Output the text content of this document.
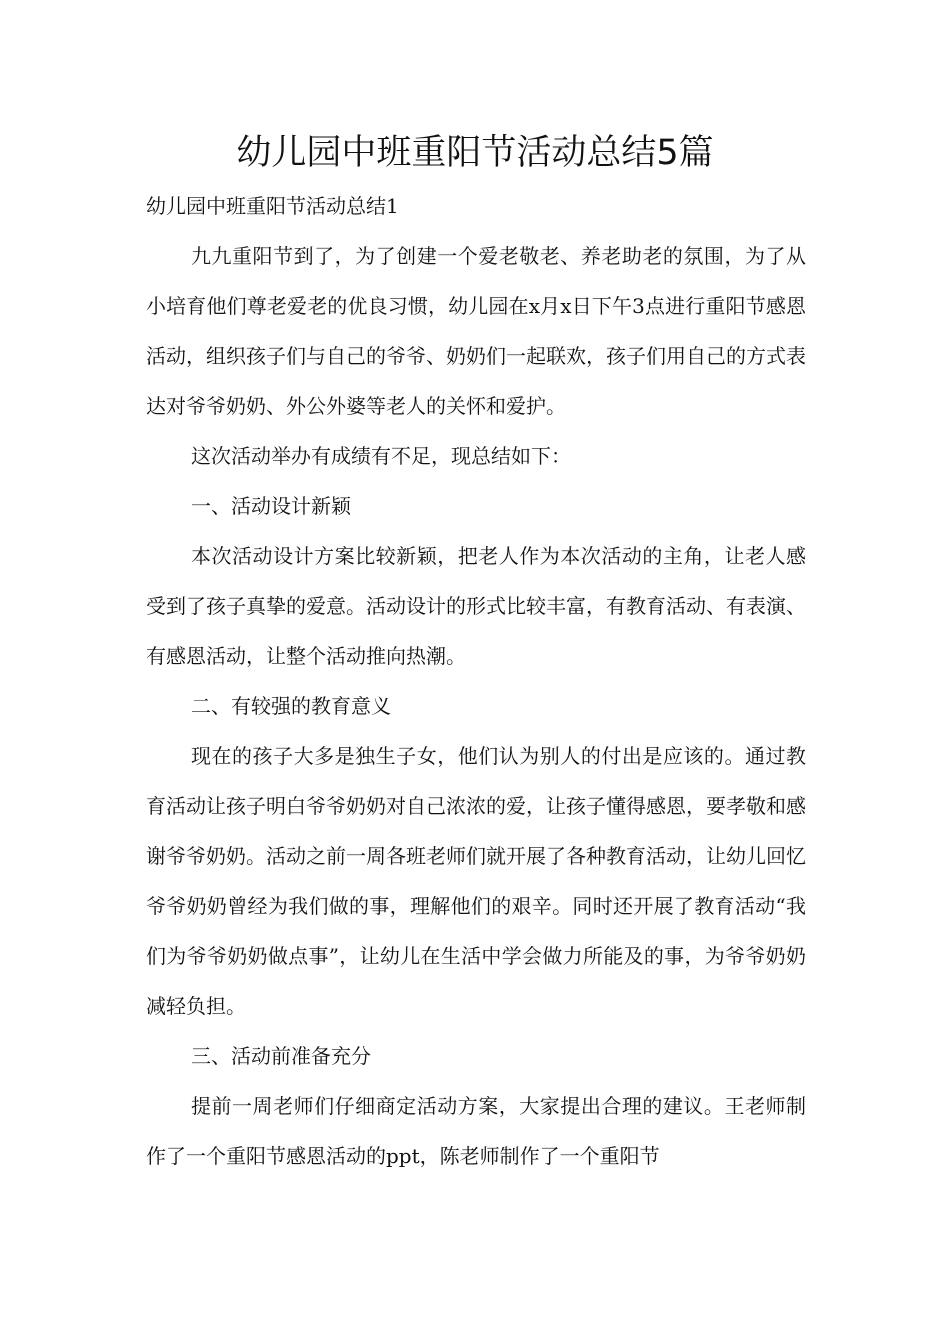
幼儿园中班重阳节活动总结5篇

幼儿园中班重阳节活动总结1

九九重阳节到了，为了创建一个爱老敬老、养老助老的氛围，为了从小培育他们尊老爱老的优良习惯，幼儿园在x月x日下午3点进行重阳节感恩活动，组织孩子们与自己的爷爷、奶奶们一起联欢，孩子们用自己的方式表达对爷爷奶奶、外公外婆等老人的关怀和爱护。

这次活动举办有成绩有不足，现总结如下：

一、活动设计新颖

本次活动设计方案比较新颖，把老人作为本次活动的主角，让老人感受到了孩子真挚的爱意。活动设计的形式比较丰富，有教育活动、有表演、有感恩活动，让整个活动推向热潮。

二、有较强的教育意义

现在的孩子大多是独生子女，他们认为别人的付出是应该的。通过教育活动让孩子明白爷爷奶奶对自己浓浓的爱，让孩子懂得感恩，要孝敬和感谢爷爷奶奶。活动之前一周各班老师们就开展了各种教育活动，让幼儿回忆爷爷奶奶曾经为我们做的事，理解他们的艰辛。同时还开展了教育活动“我们为爷爷奶奶做点事”，让幼儿在生活中学会做力所能及的事，为爷爷奶奶减轻负担。

三、活动前准备充分

提前一周老师们仔细商定活动方案，大家提出合理的建议。王老师制作了一个重阳节感恩活动的ppt，陈老师制作了一个重阳节
